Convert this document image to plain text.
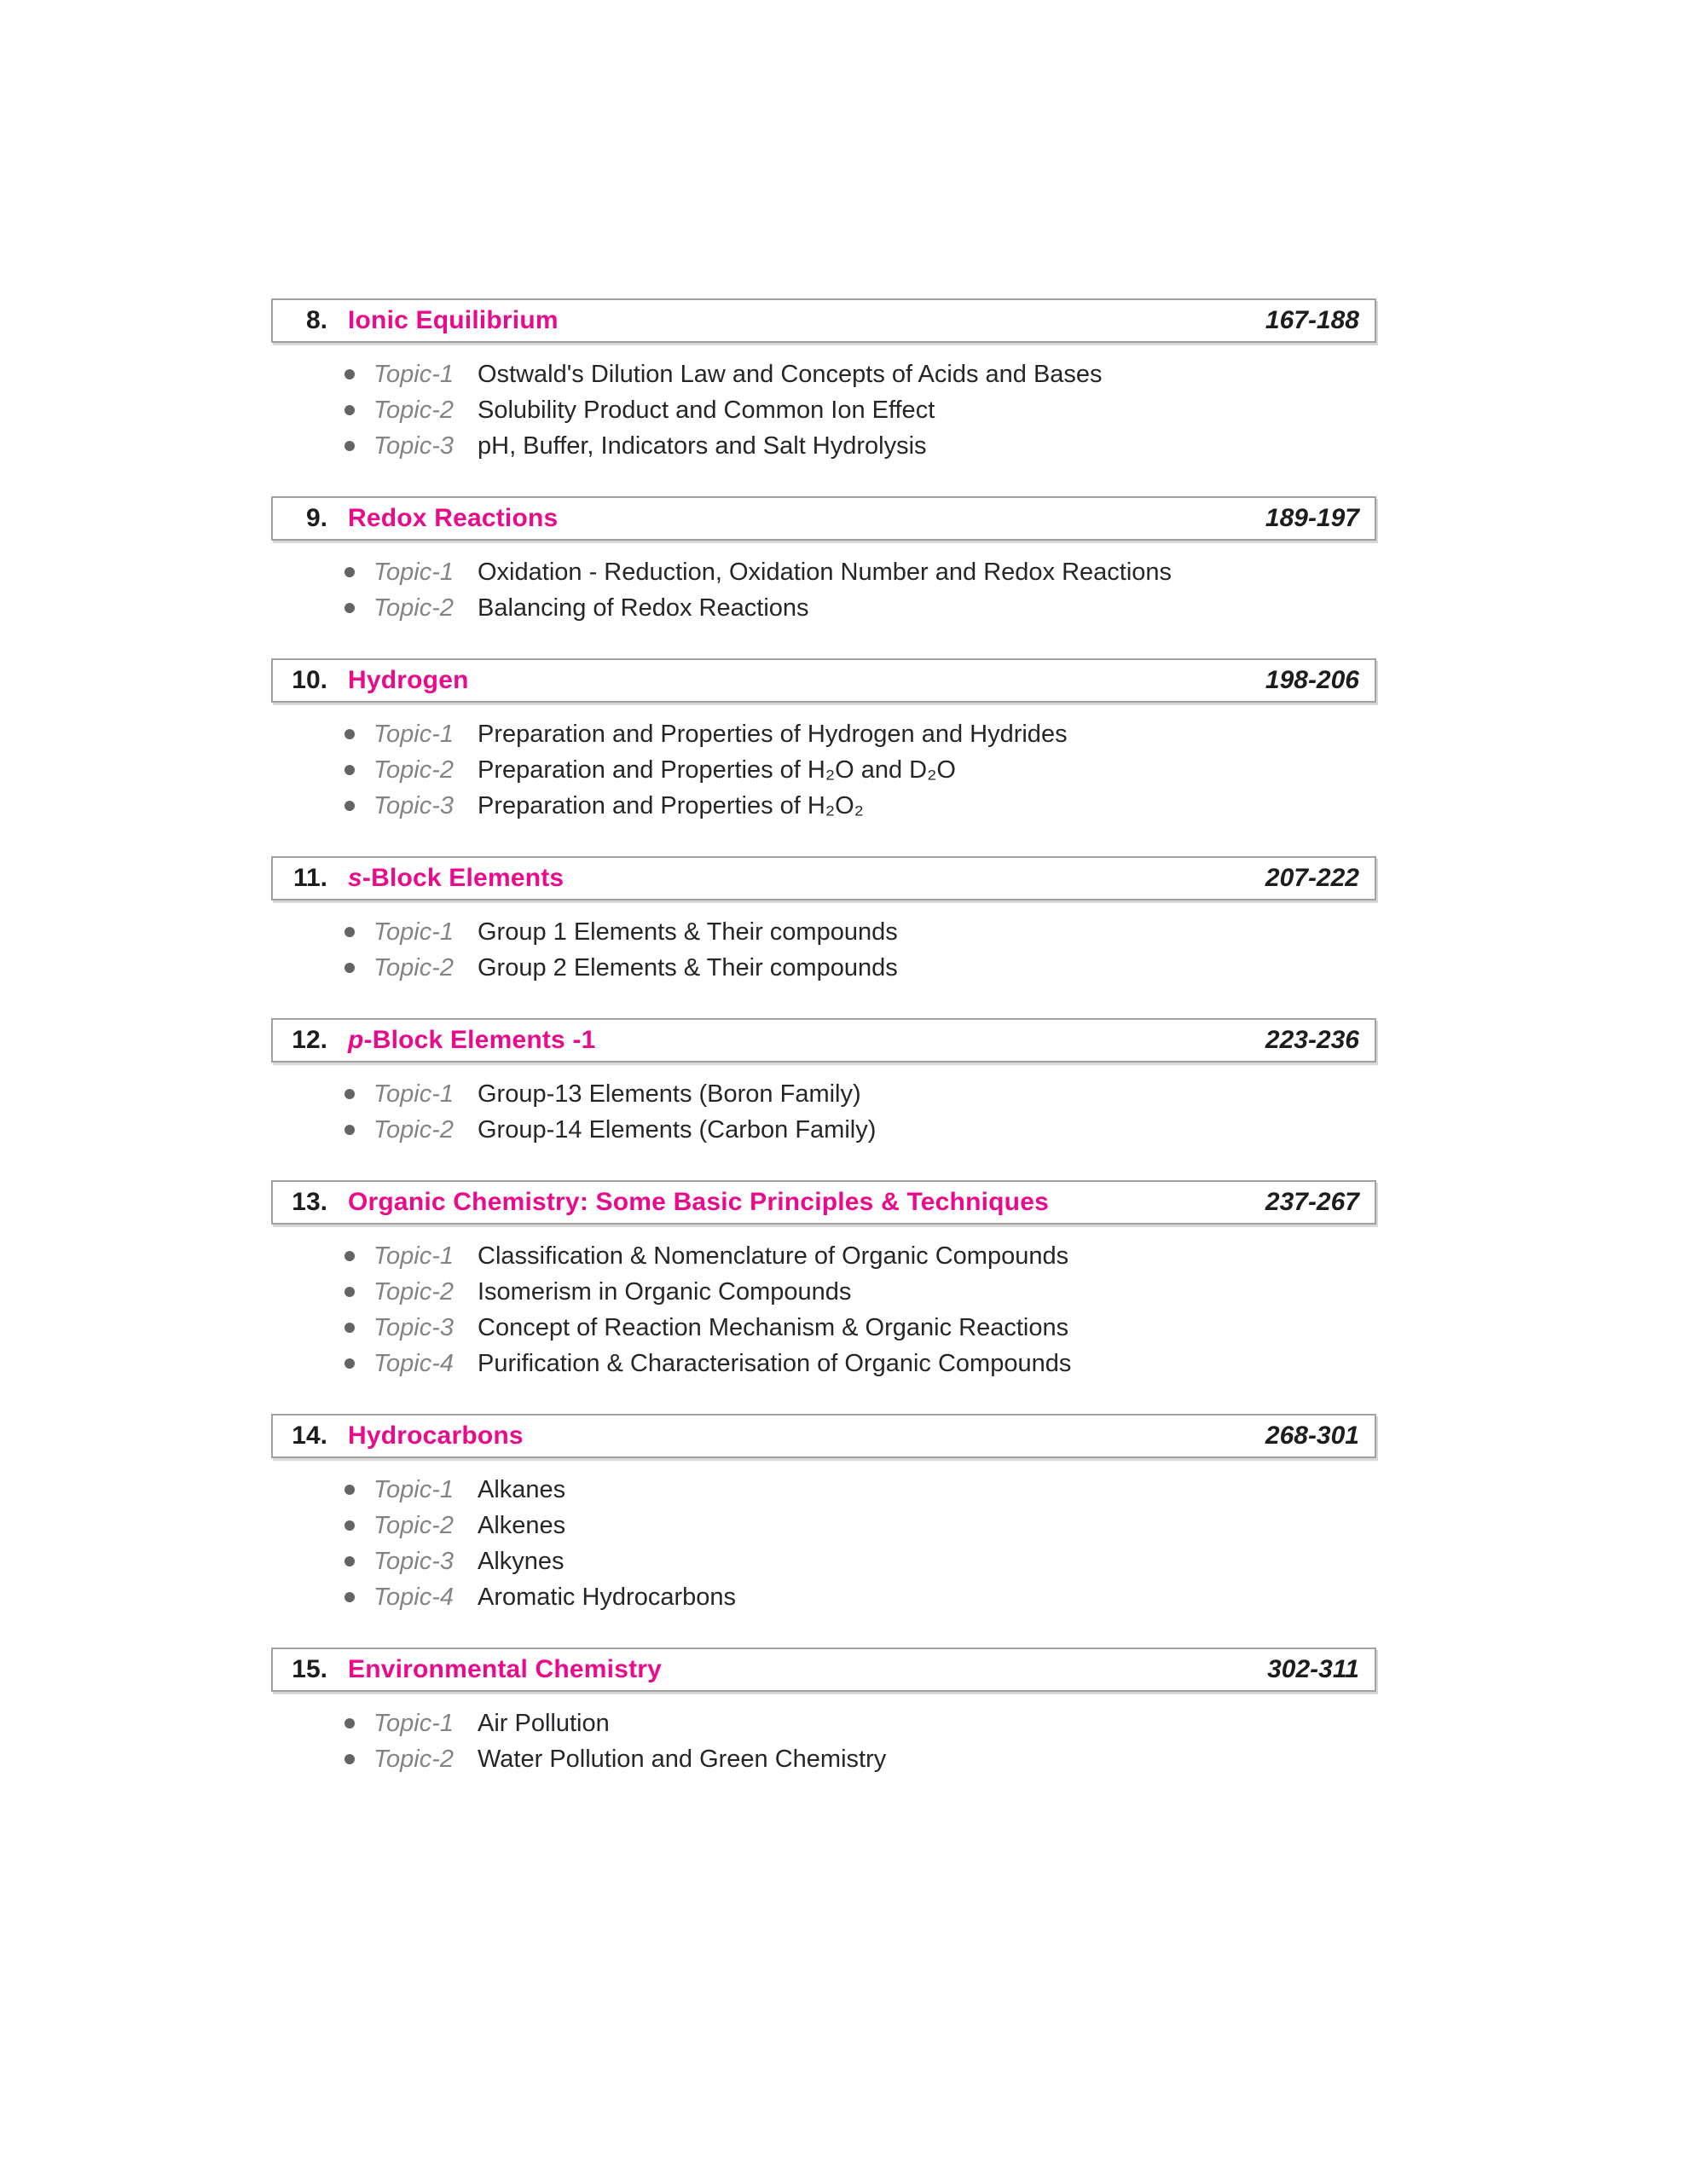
8. Ionic Equilibrium	167-188
Topic-1 Ostwald's Dilution Law and Concepts of Acids and Bases
Topic-2 Solubility Product and Common Ion Effect
Topic-3 pH, Buffer, Indicators and Salt Hydrolysis
9. Redox Reactions	189-197
Topic-1 Oxidation - Reduction, Oxidation Number and Redox Reactions
Topic-2 Balancing of Redox Reactions
10. Hydrogen	198-206
Topic-1 Preparation and Properties of Hydrogen and Hydrides
Topic-2 Preparation and Properties of H₂O and D₂O
Topic-3 Preparation and Properties of H₂O₂
11. s-Block Elements	207-222
Topic-1 Group 1 Elements & Their compounds
Topic-2 Group 2 Elements & Their compounds
12. p-Block Elements -1	223-236
Topic-1 Group-13 Elements (Boron Family)
Topic-2 Group-14 Elements (Carbon Family)
13. Organic Chemistry: Some Basic Principles & Techniques	237-267
Topic-1 Classification & Nomenclature of Organic Compounds
Topic-2 Isomerism in Organic Compounds
Topic-3 Concept of Reaction Mechanism & Organic Reactions
Topic-4 Purification & Characterisation of Organic Compounds
14. Hydrocarbons	268-301
Topic-1 Alkanes
Topic-2 Alkenes
Topic-3 Alkynes
Topic-4 Aromatic Hydrocarbons
15. Environmental Chemistry	302-311
Topic-1 Air Pollution
Topic-2 Water Pollution and Green Chemistry
